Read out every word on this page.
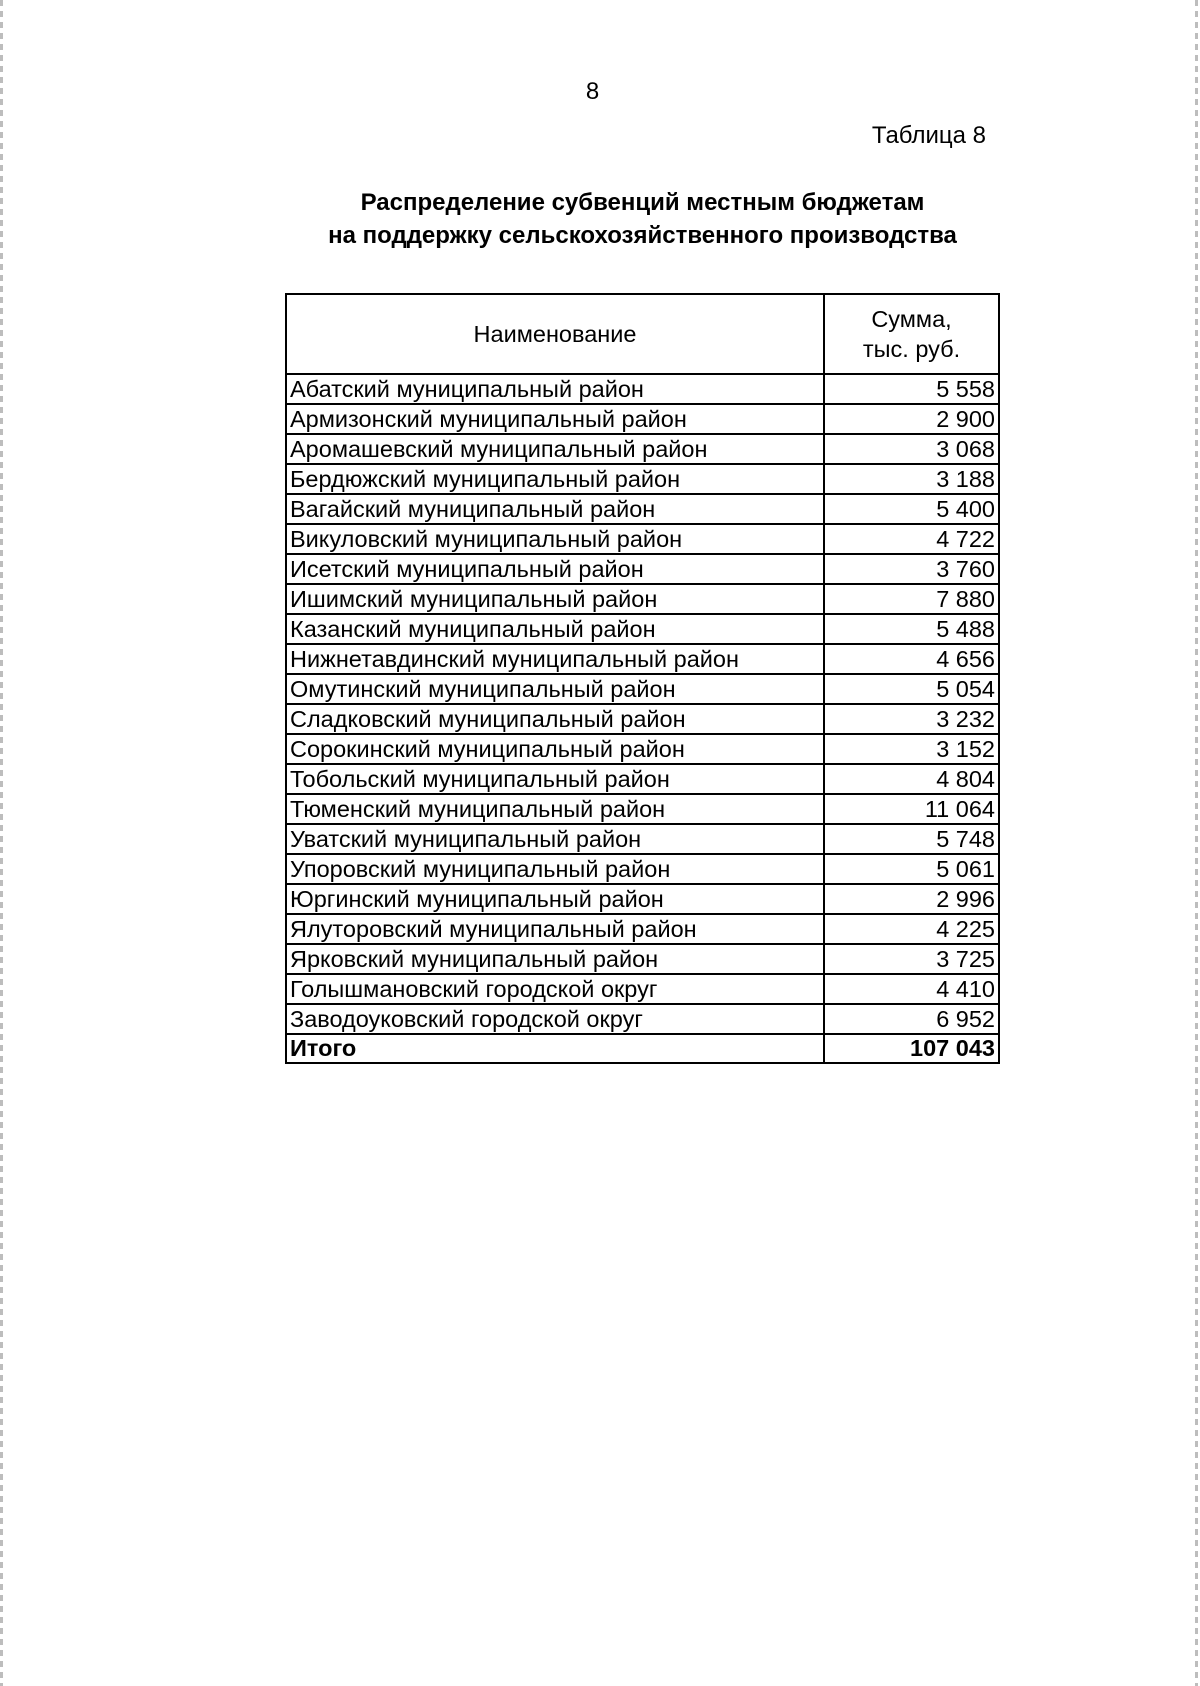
8
Таблица 8
Распределение субвенций местным бюджетам
на поддержку сельскохозяйственного производства
Наименование	Сумма,
тыс. руб.

Абатский муниципальный район	5 558
Армизонский муниципальный район	2 900
Аромашевский муниципальный район	3 068
Бердюжский муниципальный район	3 188
Вагайский муниципальный район	5 400
Викуловский муниципальный район	4 722
Исетский муниципальный район	3 760
Ишимский муниципальный район	7 880
Казанский муниципальный район	5 488
Нижнетавдинский муниципальный район	4 656
Омутинский муниципальный район	5 054
Сладковский муниципальный район	3 232
Сорокинский муниципальный район	3 152
Тобольский муниципальный район	4 804
Тюменский муниципальный район	11 064
Уватский муниципальный район	5 748
Упоровский муниципальный район	5 061
Юргинский муниципальный район	2 996
Ялуторовский муниципальный район	4 225
Ярковский муниципальный район	3 725
Голышмановский городской округ	4 410
Заводоуковский городской округ	6 952
Итого	107 043
